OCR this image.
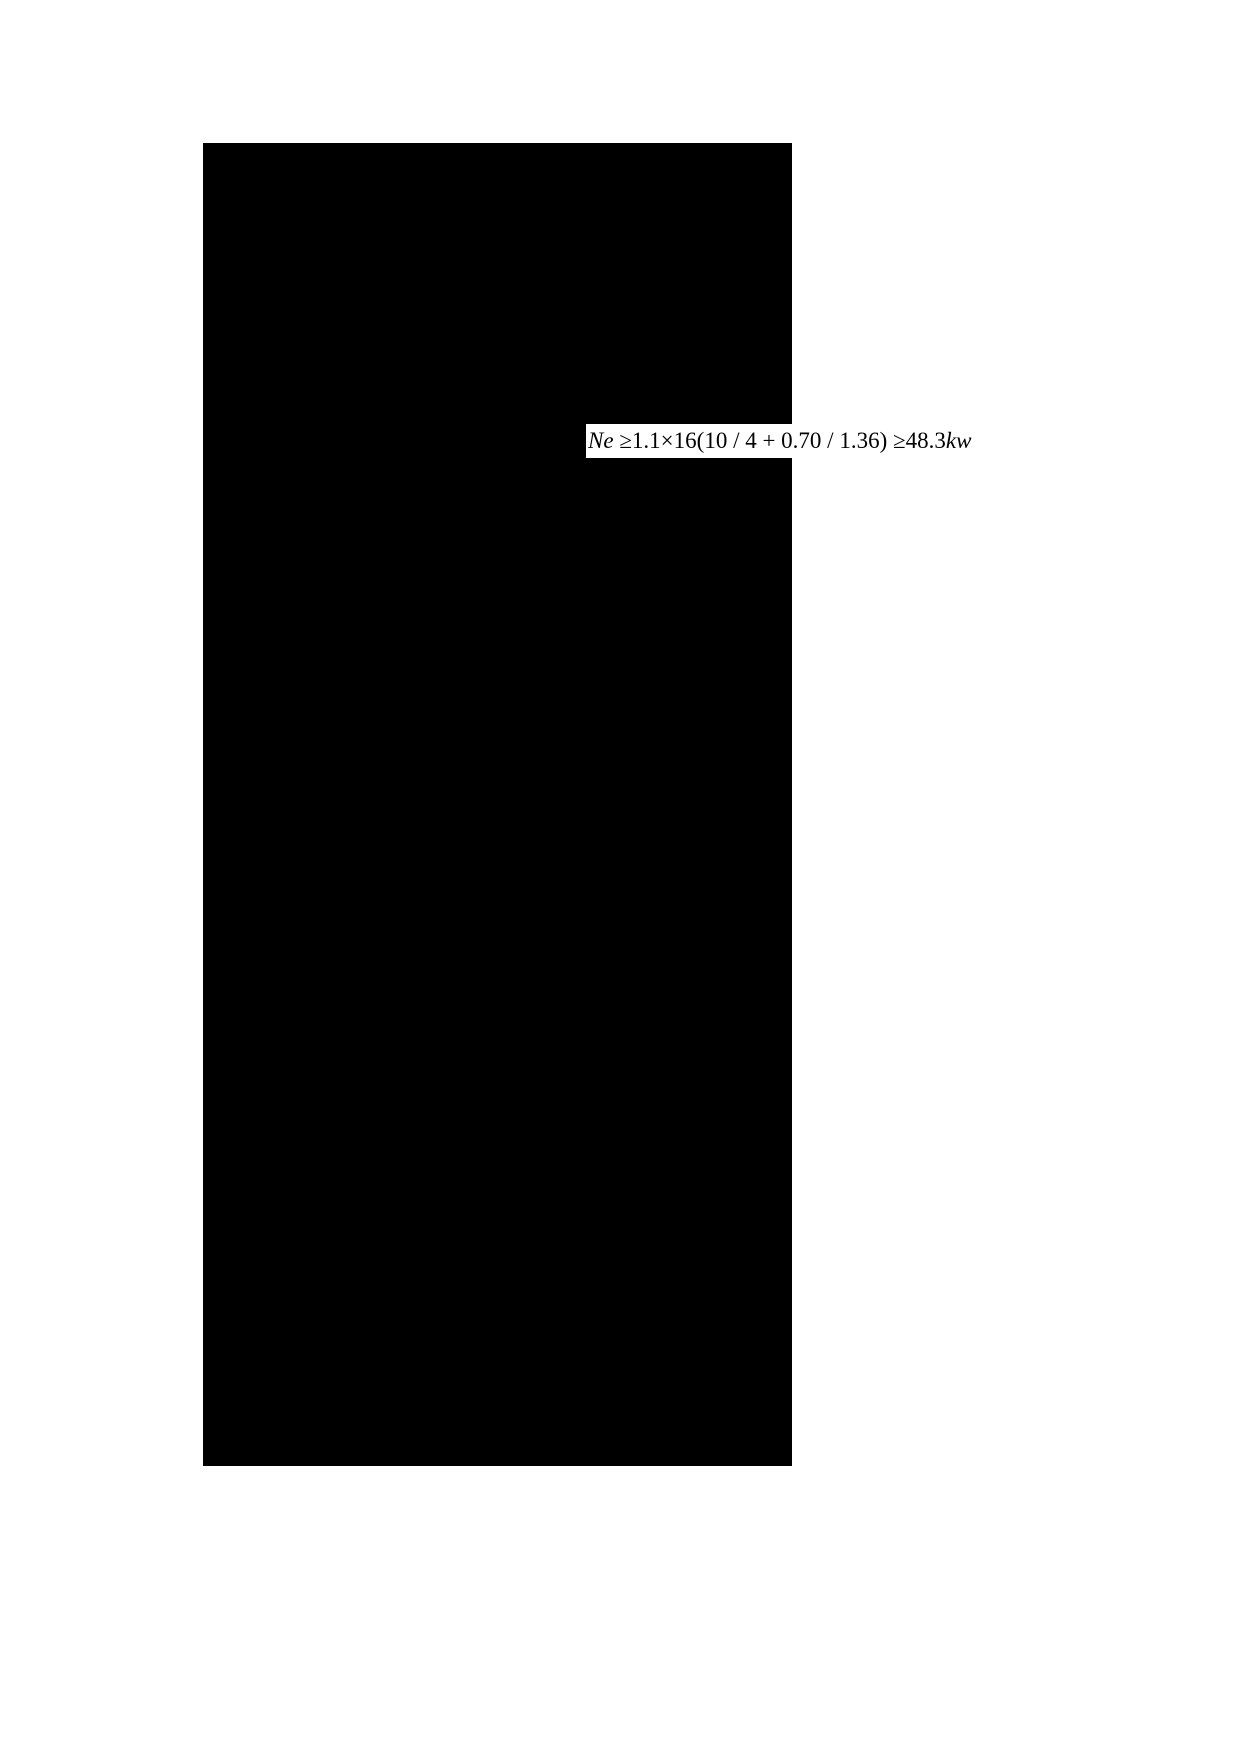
Ne ≥1.1×16(10 / 4 + 0.70 / 1.36) ≥48.3kw
